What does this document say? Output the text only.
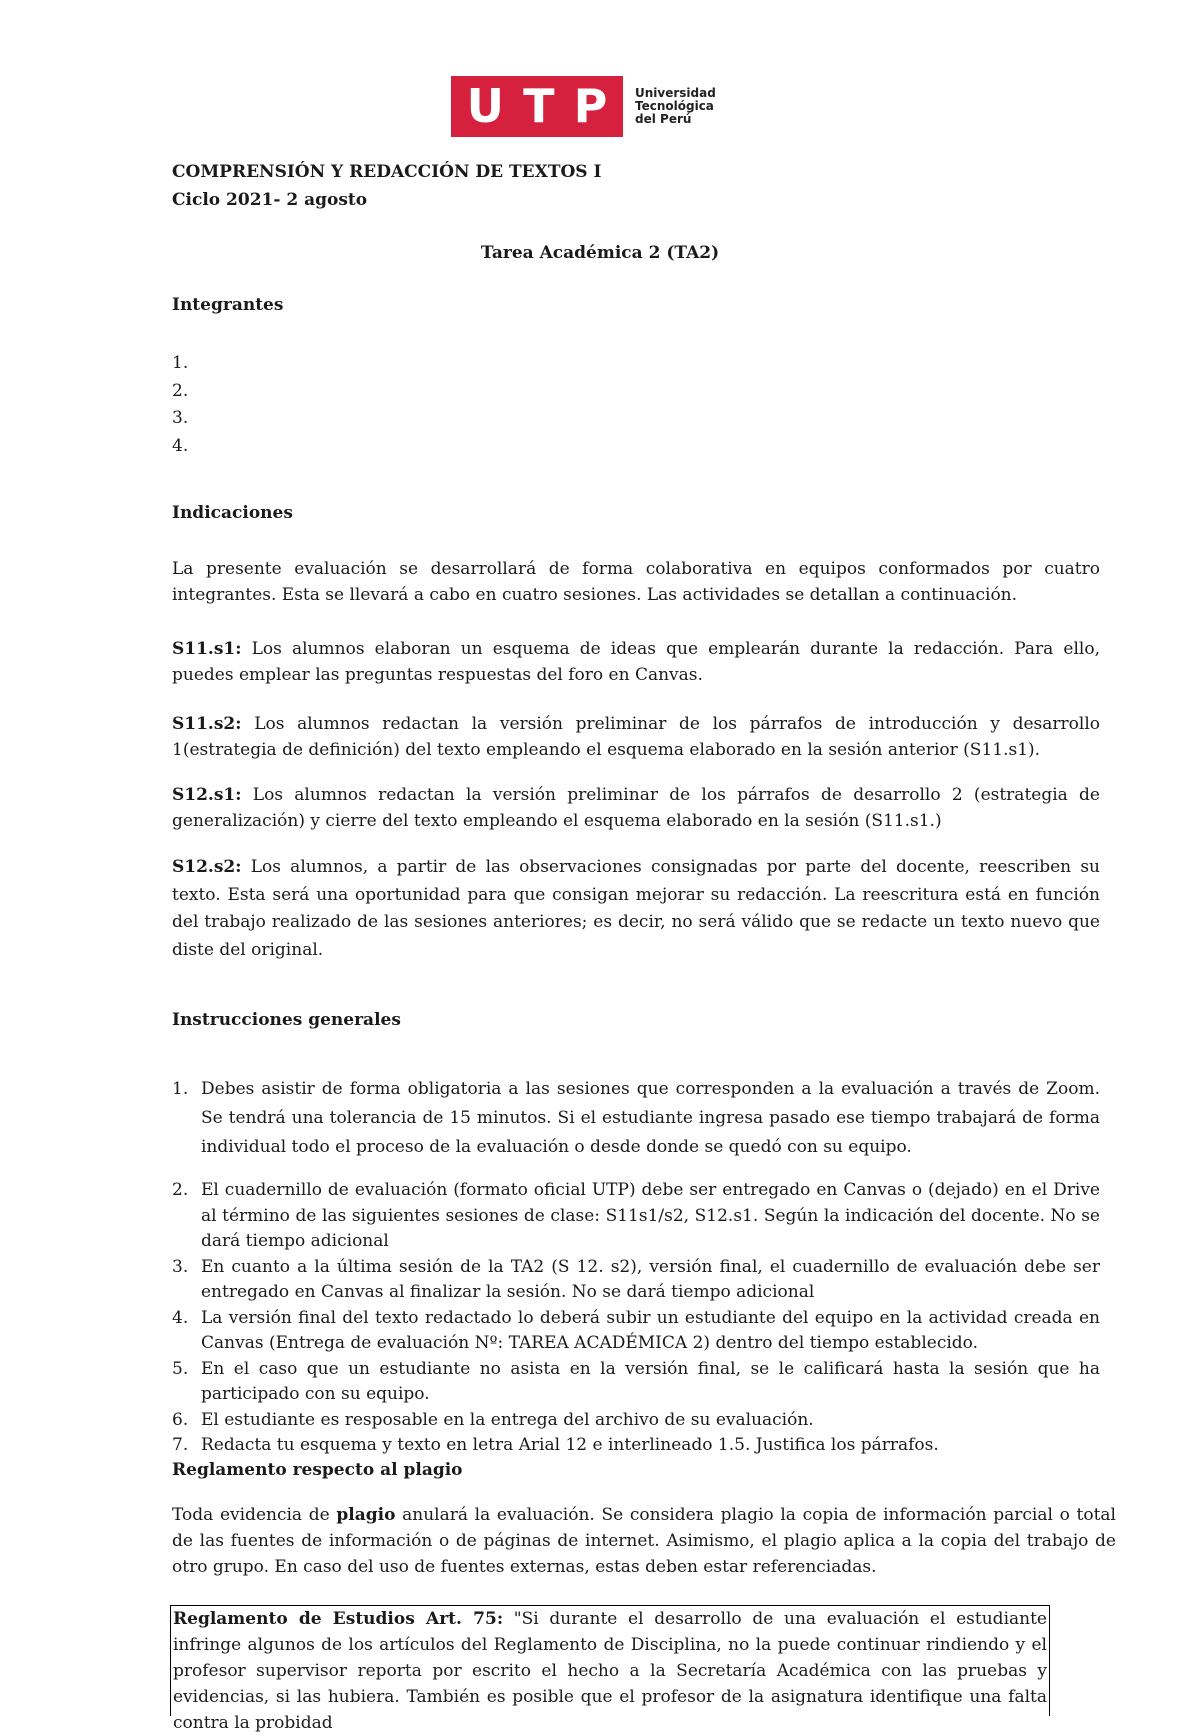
U T P Universidad
Tecnológica
del Perú
COMPRENSIÓN Y REDACCIÓN DE TEXTOS I
Ciclo 2021- 2 agosto
Tarea Académica 2 (TA2)
Integrantes
1.
2.
3.
4.
Indicaciones
La presente evaluación se desarrollará de forma colaborativa en equipos conformados por cuatro integrantes. Esta se llevará a cabo en cuatro sesiones. Las actividades se detallan a continuación.
S11.s1: Los alumnos elaboran un esquema de ideas que emplearán durante la redacción. Para ello, puedes emplear las preguntas respuestas del foro en Canvas.
S11.s2: Los alumnos redactan la versión preliminar de los párrafos de introducción y desarrollo 1(estrategia de definición) del texto empleando el esquema elaborado en la sesión anterior (S11.s1).
S12.s1: Los alumnos redactan la versión preliminar de los párrafos de desarrollo 2 (estrategia de generalización) y cierre del texto empleando el esquema elaborado en la sesión (S11.s1.)
S12.s2: Los alumnos, a partir de las observaciones consignadas por parte del docente, reescriben su texto. Esta será una oportunidad para que consigan mejorar su redacción. La reescritura está en función del trabajo realizado de las sesiones anteriores; es decir, no será válido que se redacte un texto nuevo que diste del original.
Instrucciones generales
1. Debes asistir de forma obligatoria a las sesiones que corresponden a la evaluación a través de Zoom. Se tendrá una tolerancia de 15 minutos. Si el estudiante ingresa pasado ese tiempo trabajará de forma individual todo el proceso de la evaluación o desde donde se quedó con su equipo.
2. El cuadernillo de evaluación (formato oficial UTP) debe ser entregado en Canvas o (dejado) en el Drive al término de las siguientes sesiones de clase: S11s1/s2, S12.s1. Según la indicación del docente. No se dará tiempo adicional
3. En cuanto a la última sesión de la TA2 (S 12. s2), versión final, el cuadernillo de evaluación debe ser entregado en Canvas al finalizar la sesión. No se dará tiempo adicional
4. La versión final del texto redactado lo deberá subir un estudiante del equipo en la actividad creada en Canvas (Entrega de evaluación Nº: TAREA ACADÉMICA 2) dentro del tiempo establecido.
5. En el caso que un estudiante no asista en la versión final, se le calificará hasta la sesión que ha participado con su equipo.
6. El estudiante es resposable en la entrega del archivo de su evaluación.
7. Redacta tu esquema y texto en letra Arial 12 e interlineado 1.5. Justifica los párrafos.
Reglamento respecto al plagio
Toda evidencia de plagio anulará la evaluación. Se considera plagio la copia de información parcial o total de las fuentes de información o de páginas de internet. Asimismo, el plagio aplica a la copia del trabajo de otro grupo. En caso del uso de fuentes externas, estas deben estar referenciadas.
Reglamento de Estudios Art. 75: "Si durante el desarrollo de una evaluación el estudiante infringe algunos de los artículos del Reglamento de Disciplina, no la puede continuar rindiendo y el profesor supervisor reporta por escrito el hecho a la Secretaría Académica con las pruebas y evidencias, si las hubiera. También es posible que el profesor de la asignatura identifique una falta contra la probidad
